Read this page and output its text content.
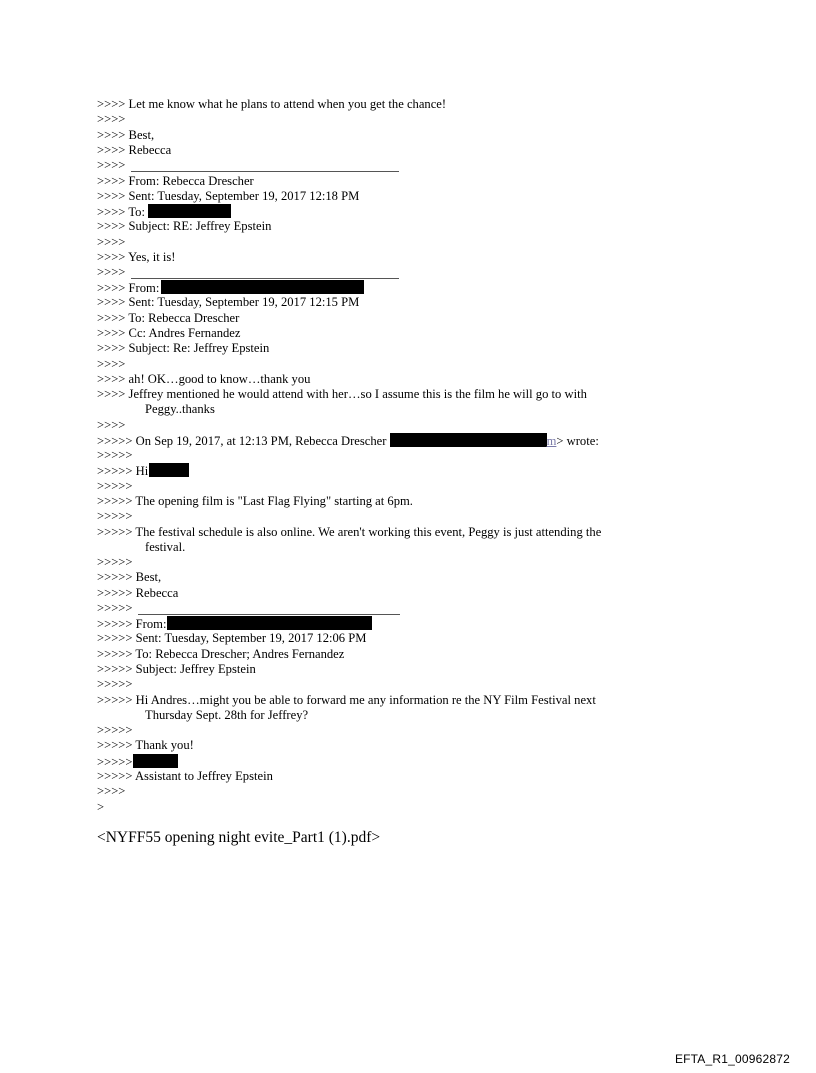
>>>> Let me know what he plans to attend when you get the chance!
>>>>
>>>> Best,
>>>> Rebecca
>>>>
>>>> From: Rebecca Drescher
>>>> Sent: Tuesday, September 19, 2017 12:18 PM
>>>> To:
>>>> Subject: RE: Jeffrey Epstein
>>>>
>>>> Yes, it is!
>>>>
>>>> From:
>>>> Sent: Tuesday, September 19, 2017 12:15 PM
>>>> To: Rebecca Drescher
>>>> Cc: Andres Fernandez
>>>> Subject: Re: Jeffrey Epstein
>>>>
>>>> ah! OK…good to know…thank you
>>>> Jeffrey mentioned he would attend with her…so I assume this is the film he will go to with
Peggy..thanks
>>>>
>>>>> On Sep 19, 2017, at 12:13 PM, Rebecca Drescher	m> wrote:
>>>>>
>>>>> Hi
>>>>>
>>>>> The opening film is "Last Flag Flying" starting at 6pm.
>>>>>
>>>>> The festival schedule is also online. We aren't working this event, Peggy is just attending the
festival.
>>>>>
>>>>> Best,
>>>>> Rebecca
>>>>>
>>>>> From:
>>>>> Sent: Tuesday, September 19, 2017 12:06 PM
>>>>> To: Rebecca Drescher; Andres Fernandez
>>>>> Subject: Jeffrey Epstein
>>>>>
>>>>> Hi Andres…might you be able to forward me any information re the NY Film Festival next
Thursday Sept. 28th for Jeffrey?
>>>>>
>>>>> Thank you!
>>>>>
>>>>> Assistant to Jeffrey Epstein
>>>>
>
<NYFF55 opening night evite_Part1 (1).pdf>
EFTA_R1_00962872
